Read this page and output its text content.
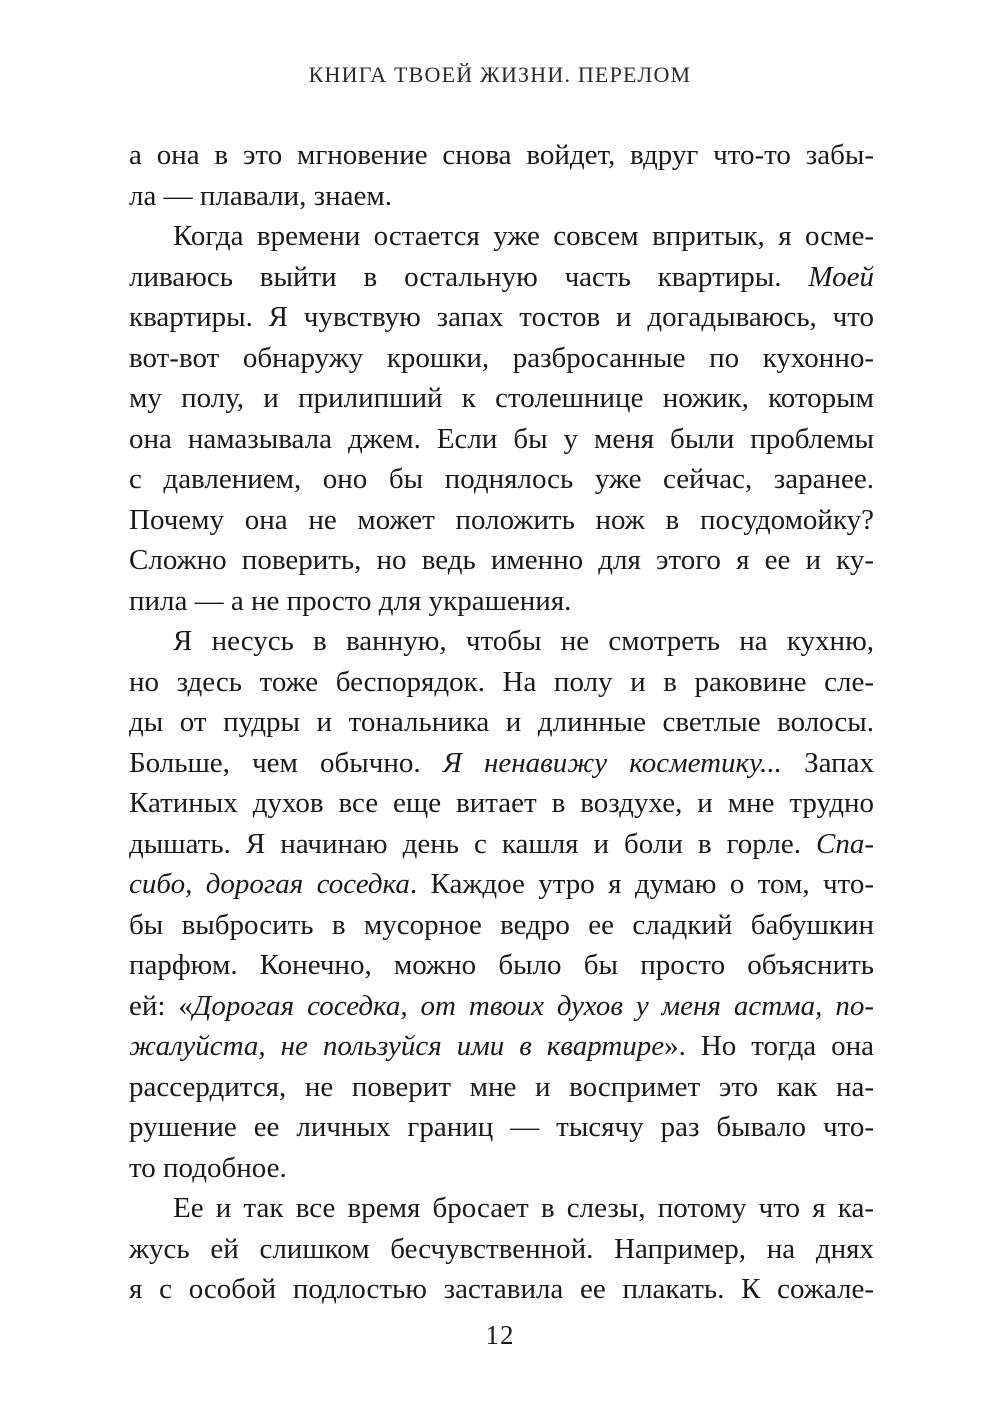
КНИГА ТВОЕЙ ЖИЗНИ. ПЕРЕЛОМ
а она в это мгновение снова войдет, вдруг что-то забы-
ла — плавали, знаем.
Когда времени остается уже совсем впритык, я осме-
ливаюсь выйти в остальную часть квартиры. Моей
квартиры. Я чувствую запах тостов и догадываюсь, что
вот-вот обнаружу крошки, разбросанные по кухонно-
му полу, и прилипший к столешнице ножик, которым
она намазывала джем. Если бы у меня были проблемы
с давлением, оно бы поднялось уже сейчас, заранее.
Почему она не может положить нож в посудомойку?
Сложно поверить, но ведь именно для этого я ее и ку-
пила — а не просто для украшения.
Я несусь в ванную, чтобы не смотреть на кухню,
но здесь тоже беспорядок. На полу и в раковине сле-
ды от пудры и тональника и длинные светлые волосы.
Больше, чем обычно. Я ненавижу косметику... Запах
Катиных духов все еще витает в воздухе, и мне трудно
дышать. Я начинаю день с кашля и боли в горле. Спа-
сибо, дорогая соседка. Каждое утро я думаю о том, что-
бы выбросить в мусорное ведро ее сладкий бабушкин
парфюм. Конечно, можно было бы просто объяснить
ей: «Дорогая соседка, от твоих духов у меня астма, по-
жалуйста, не пользуйся ими в квартире». Но тогда она
рассердится, не поверит мне и воспримет это как на-
рушение ее личных границ — тысячу раз бывало что-
то подобное.
Ее и так все время бросает в слезы, потому что я ка-
жусь ей слишком бесчувственной. Например, на днях
я с особой подлостью заставила ее плакать. К сожале-
12
